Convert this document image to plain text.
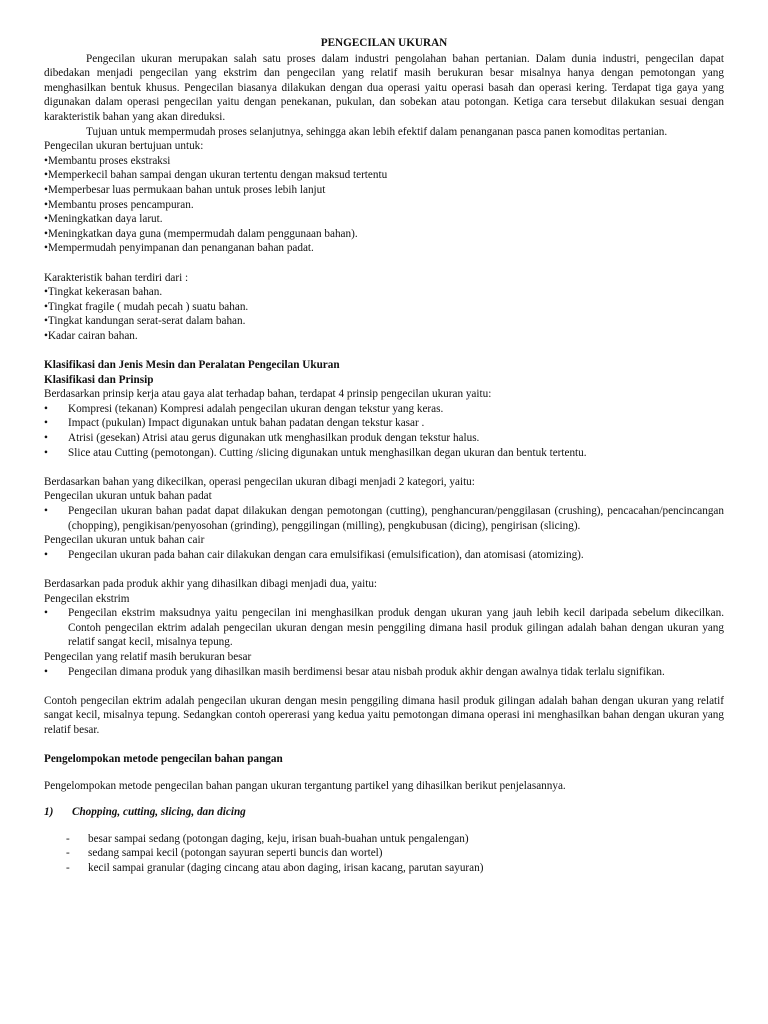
PENGECILAN UKURAN

Pengecilan ukuran merupakan salah satu proses dalam industri pengolahan bahan pertanian. Dalam dunia industri, pengecilan dapat dibedakan menjadi pengecilan yang ekstrim dan pengecilan yang relatif masih berukuran besar misalnya hanya dengan pemotongan yang menghasilkan bentuk khusus. Pengecilan biasanya dilakukan dengan dua operasi yaitu operasi basah dan operasi kering. Terdapat tiga gaya yang digunakan dalam operasi pengecilan yaitu dengan penekanan, pukulan, dan sobekan atau potongan. Ketiga cara tersebut dilakukan sesuai dengan karakteristik bahan yang akan direduksi.

Tujuan untuk mempermudah proses selanjutnya, sehingga akan lebih efektif dalam penanganan pasca panen komoditas pertanian.

Pengecilan ukuran bertujuan untuk:

• Membantu proses ekstraksi
• Memperkecil bahan sampai dengan ukuran tertentu dengan maksud tertentu
• Memperbesar luas permukaan bahan untuk proses lebih lanjut
• Membantu proses pencampuran.
• Meningkatkan daya larut.
• Meningkatkan daya guna (mempermudah dalam penggunaan bahan).
• Mempermudah penyimpanan dan penanganan bahan padat.

Karakteristik bahan terdiri dari :

• Tingkat kekerasan bahan.
• Tingkat fragile ( mudah pecah ) suatu bahan.
• Tingkat kandungan serat-serat dalam bahan.
• Kadar cairan bahan.

Klasifikasi dan Jenis Mesin dan Peralatan Pengecilan Ukuran

Klasifikasi dan Prinsip

Berdasarkan prinsip kerja atau gaya alat terhadap bahan, terdapat 4 prinsip pengecilan ukuran yaitu:

• Kompresi (tekanan) Kompresi adalah pengecilan ukuran dengan tekstur yang keras.
• Impact (pukulan) Impact digunakan untuk bahan padatan dengan tekstur kasar .
• Atrisi (gesekan) Atrisi atau gerus digunakan utk menghasilkan produk dengan tekstur halus.
• Slice atau Cutting (pemotongan). Cutting /slicing digunakan untuk menghasilkan degan ukuran dan bentuk tertentu.

Berdasarkan bahan yang dikecilkan, operasi pengecilan ukuran dibagi menjadi 2 kategori, yaitu:

Pengecilan ukuran untuk bahan padat

• Pengecilan ukuran bahan padat dapat dilakukan dengan pemotongan (cutting), penghancuran/penggilasan (crushing), pencacahan/pencincangan (chopping), pengikisan/penyosohan (grinding), penggilingan (milling), pengkubusan (dicing), pengirisan (slicing).

Pengecilan ukuran untuk bahan cair

• Pengecilan ukuran pada bahan cair dilakukan dengan cara emulsifikasi (emulsification), dan atomisasi (atomizing).

Berdasarkan pada produk akhir yang dihasilkan dibagi menjadi dua, yaitu:

Pengecilan ekstrim

• Pengecilan ekstrim maksudnya yaitu pengecilan ini menghasilkan produk dengan ukuran yang jauh lebih kecil daripada sebelum dikecilkan. Contoh pengecilan ektrim adalah pengecilan ukuran dengan mesin penggiling dimana hasil produk gilingan adalah bahan dengan ukuran yang relatif sangat kecil, misalnya tepung.

Pengecilan yang relatif masih berukuran besar

• Pengecilan dimana produk yang dihasilkan masih berdimensi besar atau nisbah produk akhir dengan awalnya tidak terlalu signifikan.

Contoh pengecilan ektrim adalah pengecilan ukuran dengan mesin penggiling dimana hasil produk gilingan adalah bahan dengan ukuran yang relatif sangat kecil, misalnya tepung. Sedangkan contoh opererasi yang kedua yaitu pemotongan dimana operasi ini menghasilkan bahan dengan ukuran yang relatif besar.

Pengelompokan metode pengecilan bahan pangan

Pengelompokan metode pengecilan bahan pangan ukuran tergantung partikel yang dihasilkan berikut penjelasannya.

1)	Chopping, cutting, slicing, dan dicing
- besar sampai sedang (potongan daging, keju, irisan buah-buahan untuk pengalengan)
- sedang sampai kecil (potongan sayuran seperti buncis dan wortel)
- kecil sampai granular (daging cincang atau abon daging, irisan kacang, parutan sayuran)
